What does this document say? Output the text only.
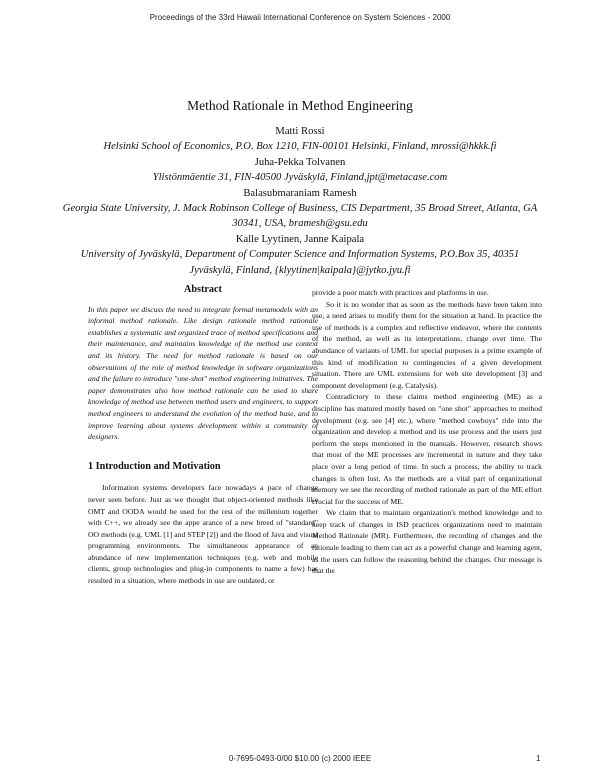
Proceedings of the 33rd Hawaii International Conference on System Sciences - 2000
Method Rationale in Method Engineering
Matti Rossi
Helsinki School of Economics, P.O. Box 1210, FIN-00101 Helsinki, Finland, mrossi@hkkk.fi
Juha-Pekka Tolvanen
Ylistönmäentie 31, FIN-40500 Jyväskylä, Finland,jpt@metacase.com
Balasubmaraniam Ramesh
Georgia State University, J. Mack Robinson College of Business, CIS Department, 35 Broad Street, Atlanta, GA 30341, USA, bramesh@gsu.edu
Kalle Lyytinen, Janne Kaipala
University of Jyväskylä, Department of Computer Science and Information Systems, P.O.Box 35, 40351 Jyväskylä, Finland, {klyytinen|kaipala}@jytko.jyu.fi
Abstract

In this paper we discuss the need to integrate formal metamodels with an informal method rationale. Like design rationale method rationale establishes a systematic and organized trace of method specifications and their maintenance, and maintains knowledge of the method use context and its history. The need for method rationale is based on our observations of the role of method knowledge in software organizations and the failure to introduce "one-shot" method engineering initiatives. The paper demonstrates also how method rationale can be used to share knowledge of method use between method users and engineers, to support method engineers to understand the evolution of the method base, and to improve learning about systems development within a community of designers.

1 Introduction and Motivation

Information systems developers face nowadays a pace of change never seen before. Just as we thought that object-oriented methods like OMT and OODA would be used for the rest of the millenium together with C++, we already see the appe arance of a new breed of "standard" OO methods (e.g. UML [1] and STEP [2]) and the flood of Java and visual programming environments. The simultaneous appearance of an abundance of new implementation techniques (e.g. web and mobile clients, group technologies and plug-in components to name a few) has resulted in a situation, where methods in use are outdated, or

provide a poor match with practices and platforms in use.

So it is no wonder that as soon as the methods have been taken into use, a need arises to modify them for the situation at hand. In practice the use of methods is a complex and reflective endeavor, where the contents of the method, as well as its interpretations, change over time. The abundance of variants of UML for special purposes is a prime example of this kind of modification to contingencies of a given development situation. There are UML extensions for web site development [3] and component development (e.g. Catalysis).

Contradictory to these claims method engineering (ME) as a discipline has matured mostly based on "one shot" approaches to method development (e.g. see [4] etc.), where "method cowboys" ride into the organization and develop a method and its use process and the users just perform the steps mentioned in the manuals. However, research shows that most of the ME processes are incremental in nature and they take place over a long period of time. In such a process, the ability to track changes is often lost. As the methods are a vital part of organizational memory we see the recording of method rationale as part of the ME effort crucial for the success of ME.

We claim that to maintain organization's method knowledge and to keep track of changes in ISD practices organizations need to maintain Method Rationale (MR). Furthermore, the recording of changes and the rationale leading to them can act as a powerful change and learning agent, as the users can follow the reasoning behind the changes. Our message is that the

0-7695-0493-0/00 $10.00 (c) 2000 IEEE	1
